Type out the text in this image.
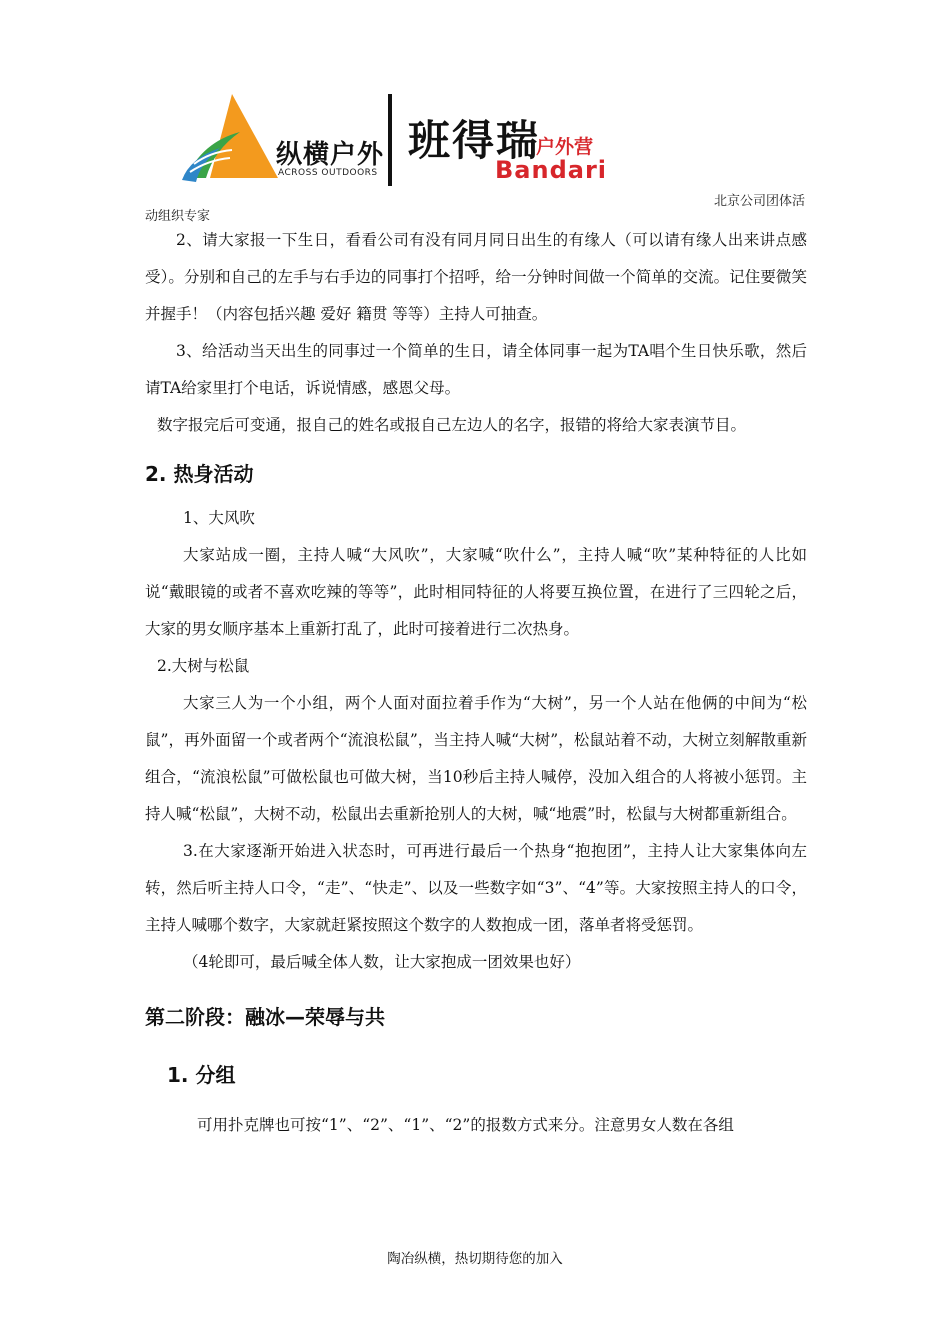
纵横户外
ACROSS OUTDOORS
班得瑞
户外营
Bandari
北京公司团体活
动组织专家

2、请大家报一下生日，看看公司有没有同月同日出生的有缘人（可以请有缘人出来讲点感受）。分别和自己的左手与右手边的同事打个招呼，给一分钟时间做一个简单的交流。记住要微笑并握手！（内容包括兴趣 爱好 籍贯 等等）主持人可抽查。

3、给活动当天出生的同事过一个简单的生日，请全体同事一起为TA唱个生日快乐歌，然后请TA给家里打个电话，诉说情感，感恩父母。

数字报完后可变通，报自己的姓名或报自己左边人的名字，报错的将给大家表演节目。

2. 热身活动

1、大风吹

大家站成一圈，主持人喊“大风吹”，大家喊“吹什么”，主持人喊“吹”某种特征的人比如说“戴眼镜的或者不喜欢吃辣的等等”，此时相同特征的人将要互换位置，在进行了三四轮之后，大家的男女顺序基本上重新打乱了，此时可接着进行二次热身。

2.大树与松鼠

大家三人为一个小组，两个人面对面拉着手作为“大树”，另一个人站在他俩的中间为“松鼠”，再外面留一个或者两个“流浪松鼠”，当主持人喊“大树”，松鼠站着不动，大树立刻解散重新组合，“流浪松鼠”可做松鼠也可做大树，当10秒后主持人喊停，没加入组合的人将被小惩罚。主持人喊“松鼠”，大树不动，松鼠出去重新抢别人的大树，喊“地震”时，松鼠与大树都重新组合。

3.在大家逐渐开始进入状态时，可再进行最后一个热身“抱抱团”，主持人让大家集体向左转，然后听主持人口令，“走”、“快走”、以及一些数字如“3”、“4”等。大家按照主持人的口令，主持人喊哪个数字，大家就赶紧按照这个数字的人数抱成一团，落单者将受惩罚。

（4轮即可，最后喊全体人数，让大家抱成一团效果也好）

第二阶段：融冰—荣辱与共
1. 分组

可用扑克牌也可按“1”、“2”、“1”、“2”的报数方式来分。注意男女人数在各组

陶冶纵横，热切期待您的加入
